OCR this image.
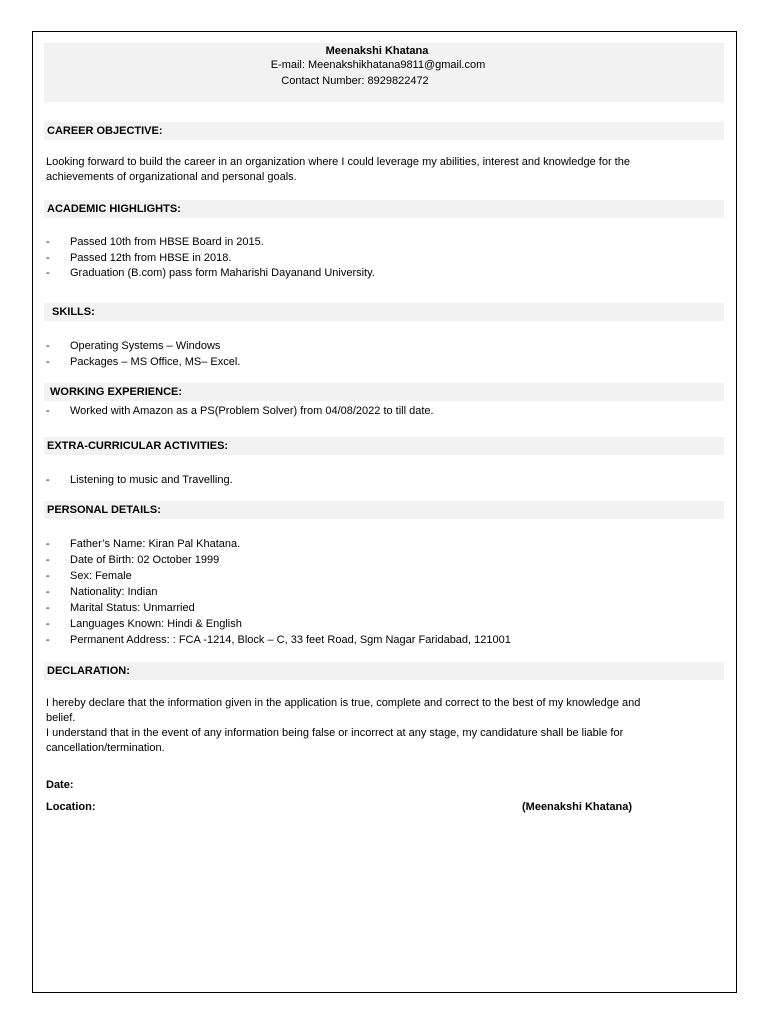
Meenakshi Khatana
E-mail: Meenakshikhatana9811@gmail.com
Contact Number: 8929822472
CAREER OBJECTIVE:
Looking forward to build the career in an organization where I could leverage my abilities, interest and knowledge for the
achievements of organizational and personal goals.
ACADEMIC HIGHLIGHTS:
- Passed 10th from HBSE Board in 2015.
- Passed 12th from HBSE in 2018.
- Graduation (B.com) pass form Maharishi Dayanand University.
SKILLS:
- Operating Systems – Windows
- Packages – MS Office, MS– Excel.
WORKING EXPERIENCE:
- Worked with Amazon as a PS(Problem Solver) from 04/08/2022 to till date.
EXTRA-CURRICULAR ACTIVITIES:
- Listening to music and Travelling.
PERSONAL DETAILS:
- Father’s Name: Kiran Pal Khatana.
- Date of Birth: 02 October 1999
- Sex: Female
- Nationality: Indian
- Marital Status: Unmarried
- Languages Known: Hindi & English
- Permanent Address: : FCA -1214, Block – C, 33 feet Road, Sgm Nagar Faridabad, 121001
DECLARATION:
I hereby declare that the information given in the application is true, complete and correct to the best of my knowledge and
belief.
I understand that in the event of any information being false or incorrect at any stage, my candidature shall be liable for
cancellation/termination.
Date:
Location:	(Meenakshi Khatana)
